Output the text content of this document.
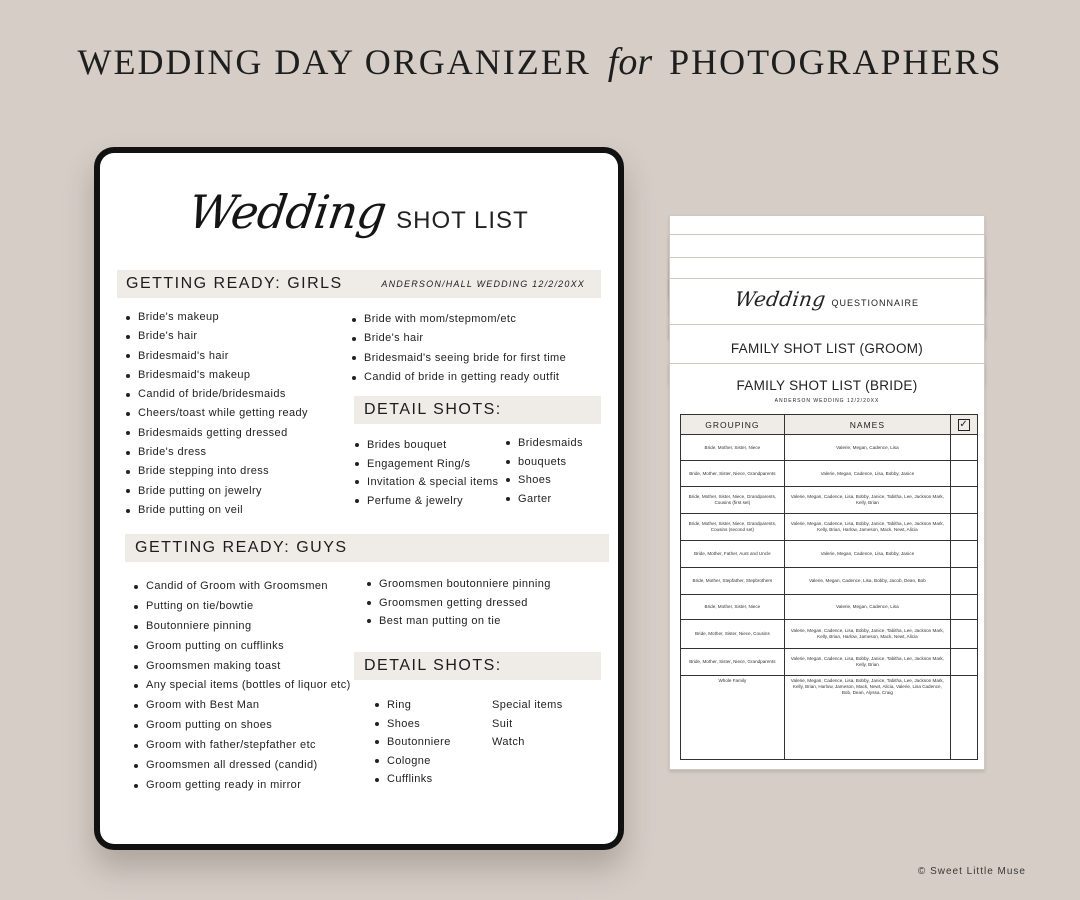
WEDDING DAY ORGANIZER for PHOTOGRAPHERS
Wedding SHOT LIST
GETTING READY: GIRLS	ANDERSON/HALL WEDDING 12/2/20XX
Bride's makeup
Bride's hair
Bridesmaid's hair
Bridesmaid's makeup
Candid of bride/bridesmaids
Cheers/toast while getting ready
Bridesmaids getting dressed
Bride's dress
Bride stepping into dress
Bride putting on jewelry
Bride putting on veil
Bride with mom/stepmom/etc
Bride's hair
Bridesmaid's seeing bride for first time
Candid of bride in getting ready outfit
DETAIL SHOTS:
Brides bouquet
Engagement Ring/s
Invitation & special items
Perfume & jewelry
Bridesmaids
bouquets
Shoes
Garter
GETTING READY: GUYS
Candid of Groom with Groomsmen
Putting on tie/bowtie
Boutonniere pinning
Groom putting on cufflinks
Groomsmen making toast
Any special items (bottles of liquor etc)
Groom with Best Man
Groom putting on shoes
Groom with father/stepfather etc
Groomsmen all dressed (candid)
Groom getting ready in mirror
Groomsmen boutonniere pinning
Groomsmen getting dressed
Best man putting on tie
DETAIL SHOTS:
Ring
Shoes
Boutonniere
Cologne
Cufflinks
Special items
Suit
Watch
Wedding QUESTIONNAIRE
FAMILY SHOT LIST (GROOM)
FAMILY SHOT LIST (BRIDE)
ANDERSON WEDDING 12/2/20XX
GROUPING	NAMES	✓
Bride, Mother, Sister, Niece	Valerie, Megan, Cadence, Lisa	
Bride, Mother, Sister, Niece, Grandparents	Valerie, Megan, Cadence, Lisa, Bobby, Janice	
Bride, Mother, Sister, Niece, Grandparents, Cousins (first set)	Valerie, Megan, Cadence, Lisa, Bobby, Janice, Tabitha, Lee, Jackson Mark, Kelly, Brian	
Bride, Mother, Sister, Niece, Grandparents, Cousins (second set)	Valerie, Megan, Cadence, Lisa, Bobby, Janice, Tabitha, Lee, Jackson Mark, Kelly, Brian, Harlow, Jameson, Mack, Newt, Alicia	
Bride, Mother, Father, Aunt and Uncle	Valerie, Megan, Cadence, Lisa, Bobby, Janice	
Bride, Mother, Stepfather, Stepbrothers	Valerie, Megan, Cadence, Lisa, Bobby, Jacob, Dean, Bob	
Bride, Mother, Sister, Niece	Valerie, Megan, Cadence, Lisa	
Bride, Mother, Sister, Niece, Cousins	Valerie, Megan, Cadence, Lisa, Bobby, Janice, Tabitha, Lee, Jackson Mark, Kelly, Brian, Harlow, Jameson, Mack, Newt, Alicia	
Bride, Mother, Sister, Niece, Grandparents	Valerie, Megan, Cadence, Lisa, Bobby, Janice, Tabitha, Lee, Jackson Mark, Kelly, Brian	
Whole Family	Valerie, Megan, Cadence, Lisa, Bobby, Janice, Tabitha, Lee, Jackson Mark, Kelly, Brian, Harlow, Jameson, Mack, Newt, Alicia, Valerie, Lisa Cadence, Bob, Dean, Alyssa, Craig	
© Sweet Little Muse
